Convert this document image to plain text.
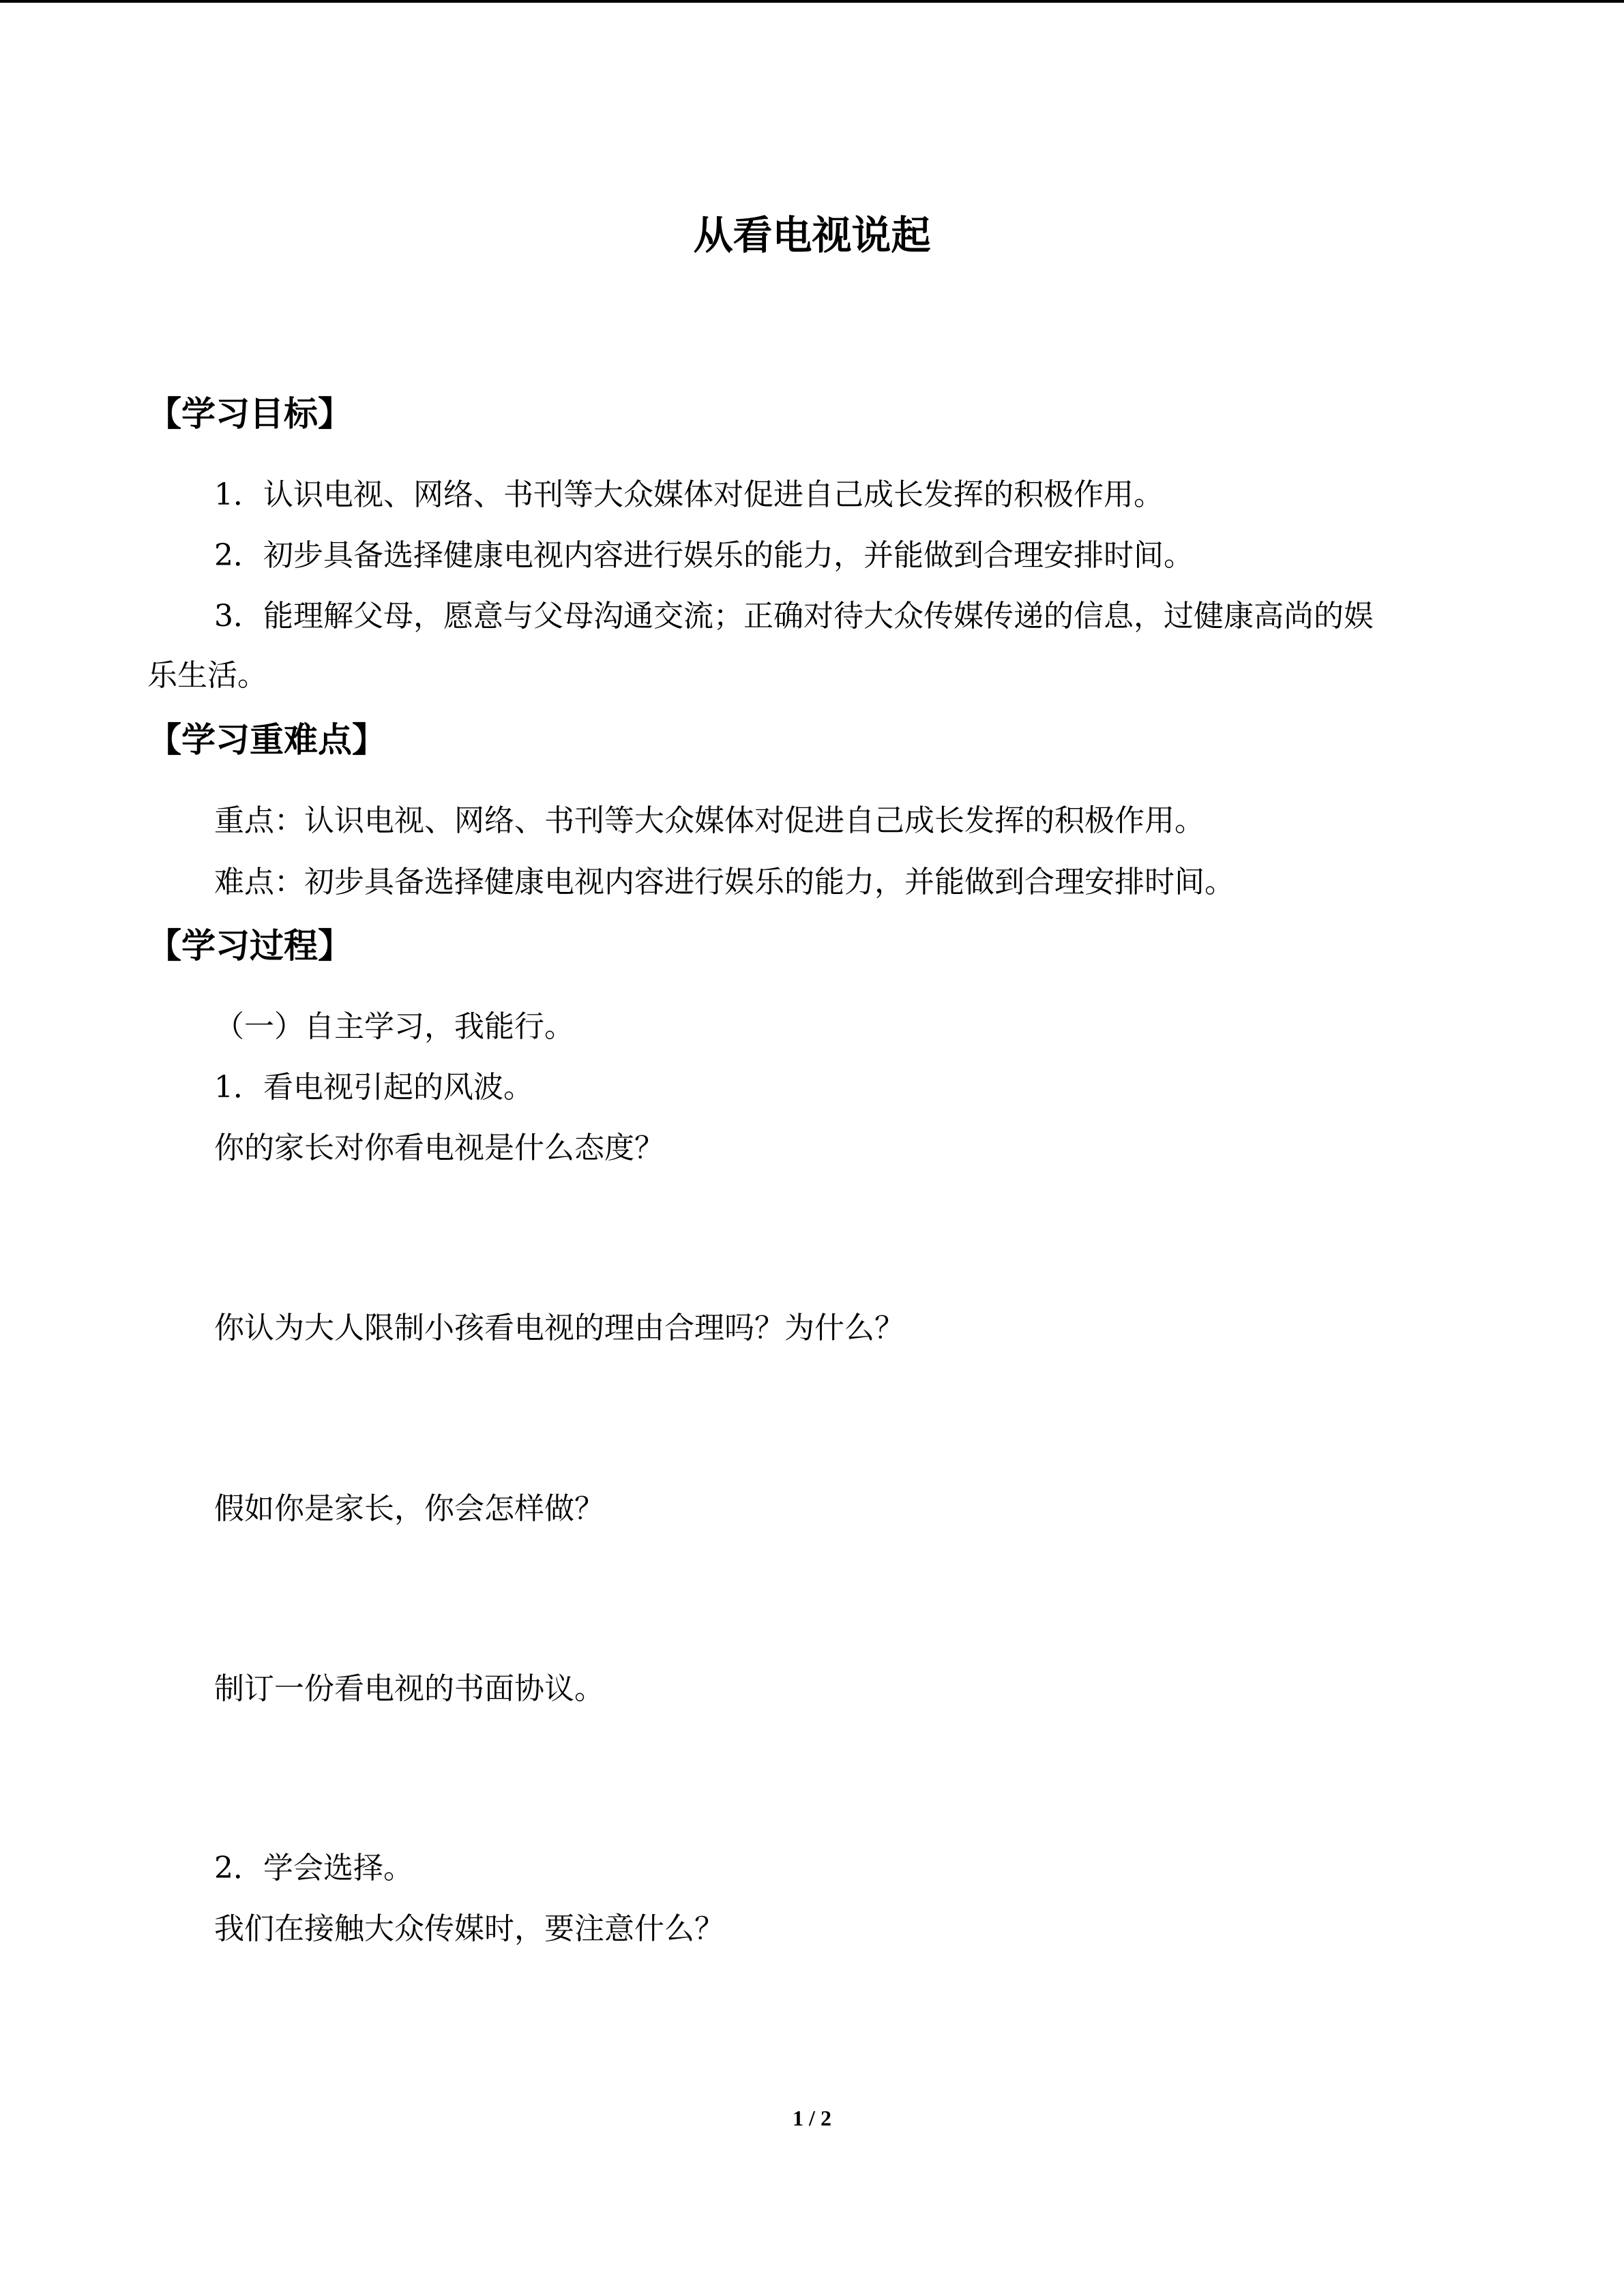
从看电视说起
【学习目标】
1．认识电视、网络、书刊等大众媒体对促进自己成长发挥的积极作用。
2．初步具备选择健康电视内容进行娱乐的能力，并能做到合理安排时间。
3．能理解父母，愿意与父母沟通交流；正确对待大众传媒传递的信息，过健康高尚的娱
乐生活。
【学习重难点】
重点：认识电视、网络、书刊等大众媒体对促进自己成长发挥的积极作用。
难点：初步具备选择健康电视内容进行娱乐的能力，并能做到合理安排时间。
【学习过程】
（一）自主学习，我能行。
1．看电视引起的风波。
你的家长对你看电视是什么态度？
你认为大人限制小孩看电视的理由合理吗？为什么？
假如你是家长，你会怎样做？
制订一份看电视的书面协议。
2．学会选择。
我们在接触大众传媒时，要注意什么？
1 / 2
